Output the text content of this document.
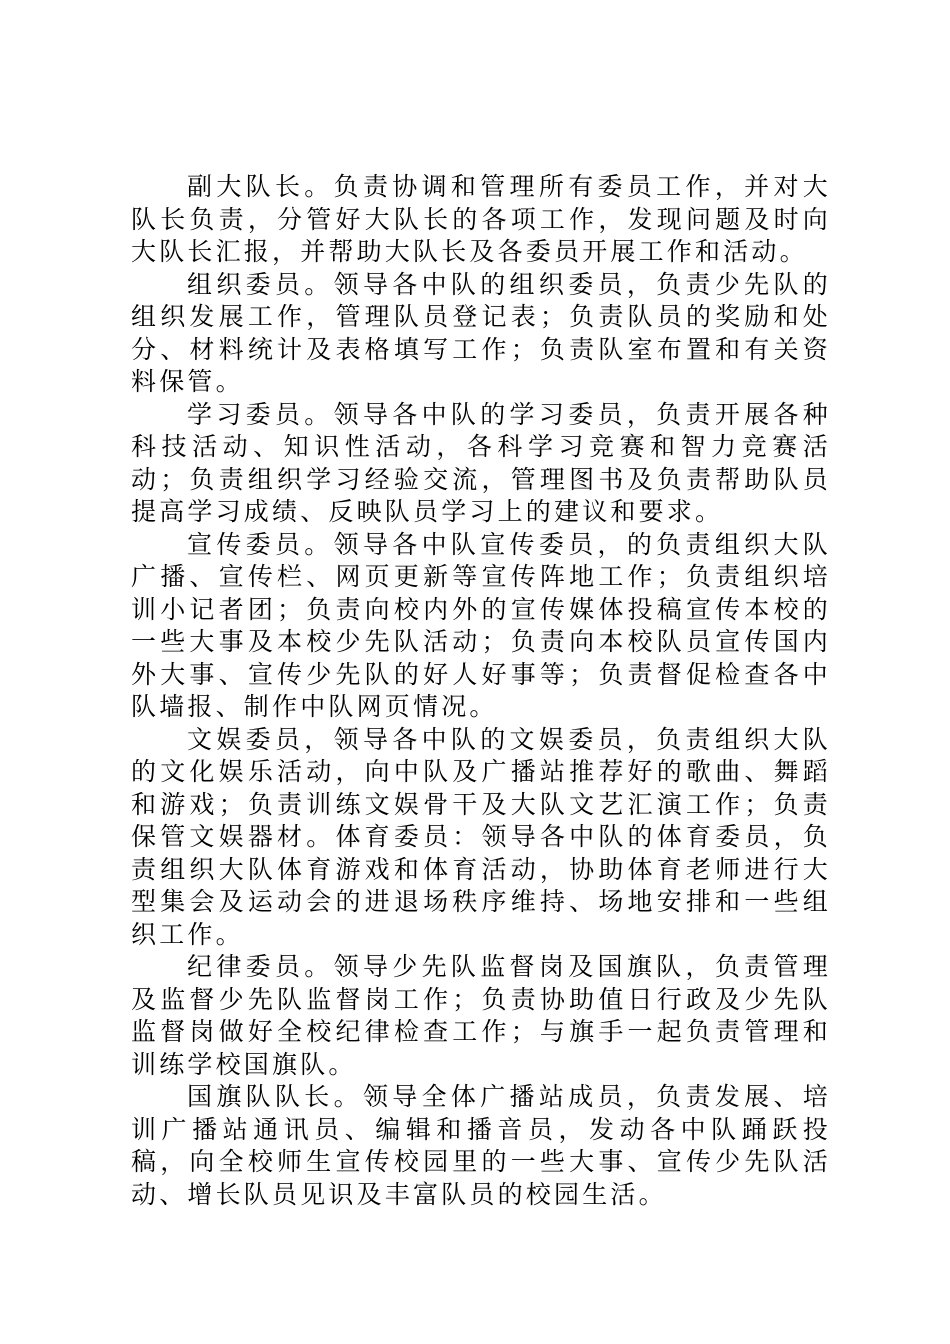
副大队长。负责协调和管理所有委员工作，并对大队长负责，分管好大队长的各项工作，发现问题及时向大队长汇报，并帮助大队长及各委员开展工作和活动。

组织委员。领导各中队的组织委员，负责少先队的组织发展工作，管理队员登记表；负责队员的奖励和处分、材料统计及表格填写工作；负责队室布置和有关资料保管。

学习委员。领导各中队的学习委员，负责开展各种科技活动、知识性活动，各科学习竞赛和智力竞赛活动；负责组织学习经验交流，管理图书及负责帮助队员提高学习成绩、反映队员学习上的建议和要求。

宣传委员。领导各中队宣传委员，的负责组织大队广播、宣传栏、网页更新等宣传阵地工作；负责组织培训小记者团；负责向校内外的宣传媒体投稿宣传本校的一些大事及本校少先队活动；负责向本校队员宣传国内外大事、宣传少先队的好人好事等；负责督促检查各中队墙报、制作中队网页情况。

文娱委员，领导各中队的文娱委员，负责组织大队的文化娱乐活动，向中队及广播站推荐好的歌曲、舞蹈和游戏；负责训练文娱骨干及大队文艺汇演工作；负责保管文娱器材。体育委员：领导各中队的体育委员，负责组织大队体育游戏和体育活动，协助体育老师进行大型集会及运动会的进退场秩序维持、场地安排和一些组织工作。

纪律委员。领导少先队监督岗及国旗队，负责管理及监督少先队监督岗工作；负责协助值日行政及少先队监督岗做好全校纪律检查工作；与旗手一起负责管理和训练学校国旗队。

国旗队队长。领导全体广播站成员，负责发展、培训广播站通讯员、编辑和播音员，发动各中队踊跃投稿，向全校师生宣传校园里的一些大事、宣传少先队活动、增长队员见识及丰富队员的校园生活。
